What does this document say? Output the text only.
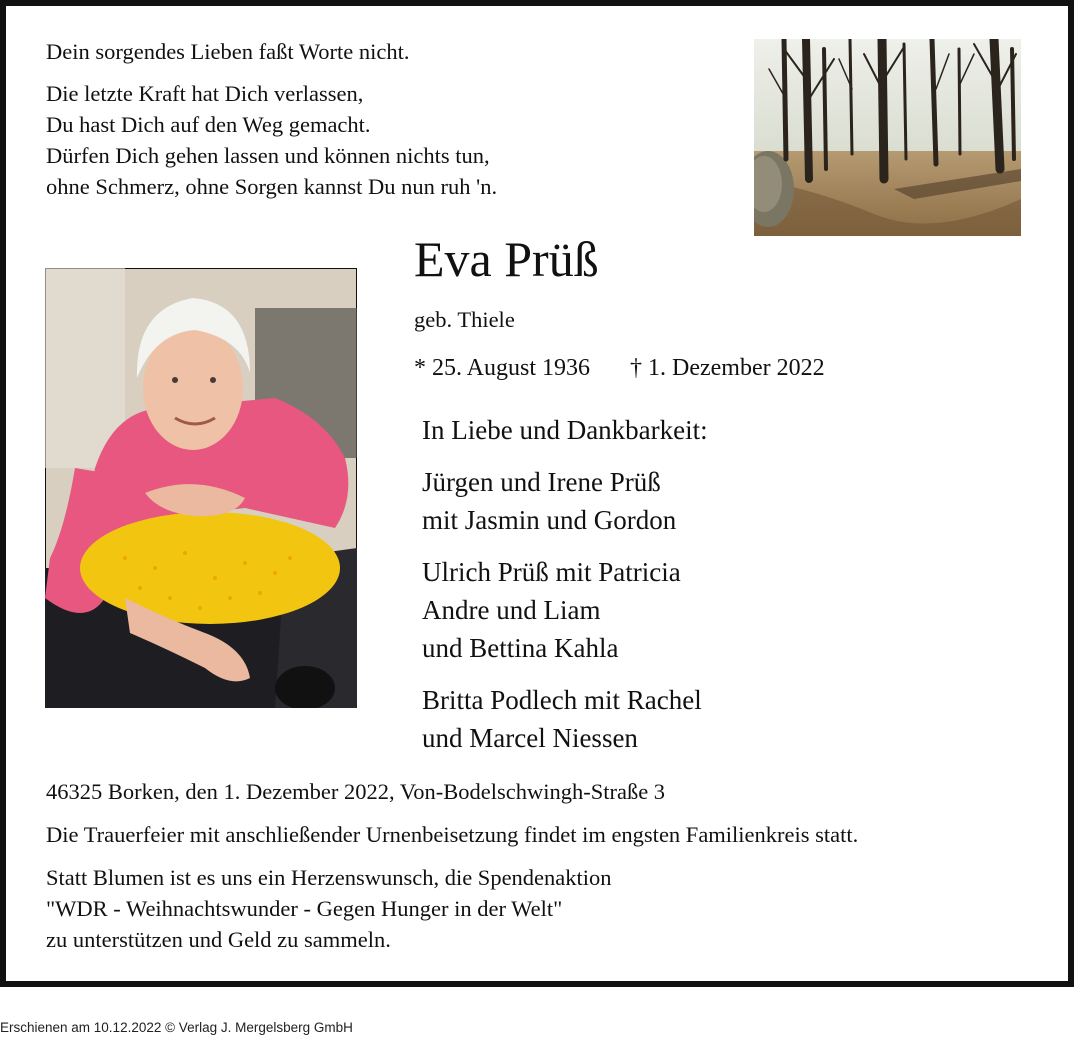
Dein sorgendes Lieben faßt Worte nicht.

Die letzte Kraft hat Dich verlassen,
Du hast Dich auf den Weg gemacht.
Dürfen Dich gehen lassen und können nichts tun,
ohne Schmerz, ohne Sorgen kannst Du nun ruh 'n.

Eva Prüß
geb. Thiele
* 25. August 1936 † 1. Dezember 2022

In Liebe und Dankbarkeit:

Jürgen und Irene Prüß
mit Jasmin und Gordon

Ulrich Prüß mit Patricia
Andre und Liam
und Bettina Kahla

Britta Podlech mit Rachel
und Marcel Niessen

46325 Borken, den 1. Dezember 2022, Von-Bodelschwingh-Straße 3

Die Trauerfeier mit anschließender Urnenbeisetzung findet im engsten Familienkreis statt.

Statt Blumen ist es uns ein Herzenswunsch, die Spendenaktion
"WDR - Weihnachtswunder - Gegen Hunger in der Welt"
zu unterstützen und Geld zu sammeln.

Erschienen am 10.12.2022 © Verlag J. Mergelsberg GmbH
